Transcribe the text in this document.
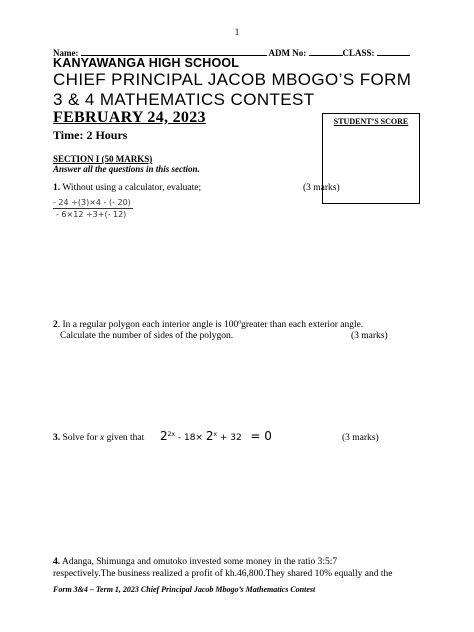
1
Name:	ADM No:	CLASS:
KANYAWANGA HIGH SCHOOL
CHIEF PRINCIPAL JACOB MBOGO’S FORM
3 & 4 MATHEMATICS CONTEST
FEBRUARY 24, 2023
Time: 2 Hours
STUDENT’S SCORE
SECTION I (50 MARKS)
Answer all the questions in this section.
1. Without using a calculator, evaluate;	(3 marks)
$\frac{- 24 \div(3)\times 4 - (- 20)}{- 6\times 12 \div 3+(- 12)}$
2. In a regular polygon each interior angle is 100ºgreater than each exterior angle.
Calculate the number of sides of the polygon.	(3 marks)
3. Solve for x given that $2^{2x} - 18\times 2^x + 32 = 0$	(3 marks)
4. Adanga, Shimunga and omutoko invested some money in the ratio 3:5:7
respectively.The business realized a profit of kh.46,800.They shared 10% equally and the
Form 3&4 – Term 1, 2023 Chief Principal Jacob Mbogo’s Mathematics Contest
